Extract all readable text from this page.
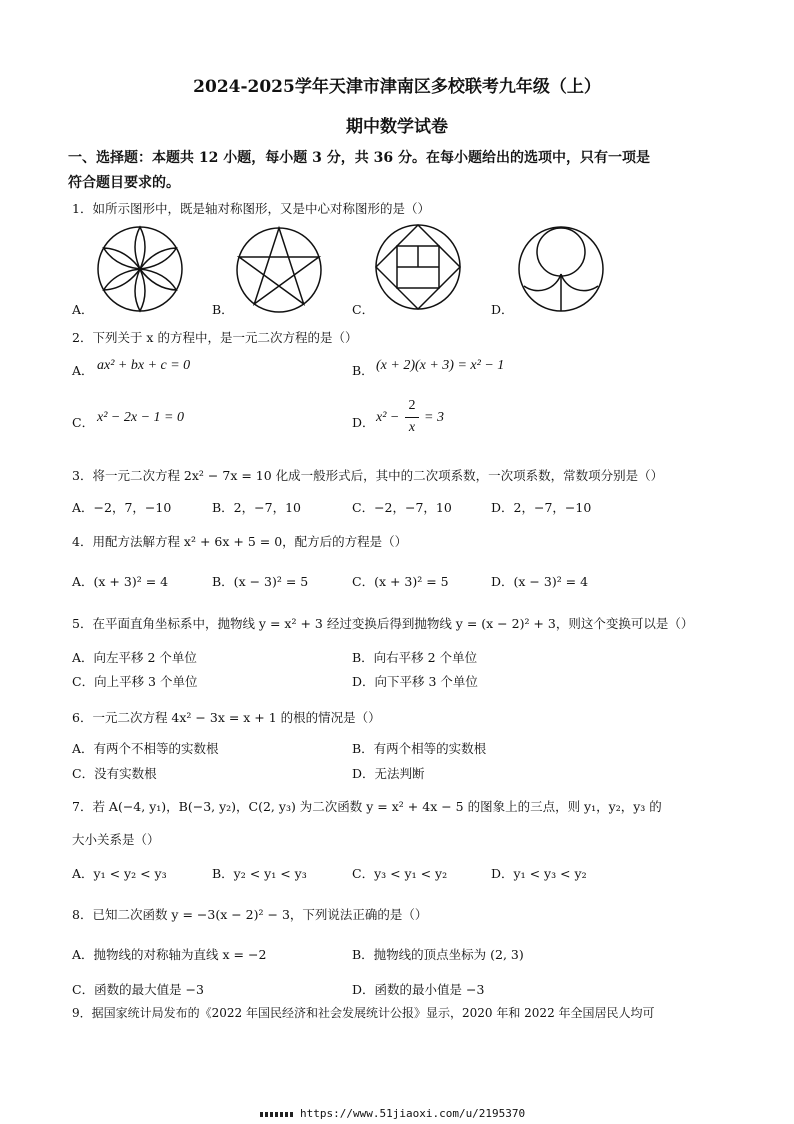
2024-2025学年天津市津南区多校联考九年级（上）
期中数学试卷
一、选择题：本题共 12 小题，每小题 3 分，共 36 分。在每小题给出的选项中，只有一项是
符合题目要求的。
1．如所示图形中，既是轴对称图形，又是中心对称图形的是（）
A．	B．	C．	D．
2．下列关于 x 的方程中，是一元二次方程的是（）
A． ax² + bx + c = 0	B． (x + 2)(x + 3) = x² − 1
C． x² − 2x − 1 = 0	D． x² −
2
x
= 3
3．将一元二次方程 2x² − 7x = 10 化成一般形式后，其中的二次项系数，一次项系数，常数项分别是（）
A．−2，7，−10	B．2，−7，10	C．−2，−7，10	D．2，−7，−10
4．用配方法解方程 x² + 6x + 5 = 0，配方后的方程是（）
A．(x + 3)² = 4	B．(x − 3)² = 5	C．(x + 3)² = 5	D．(x − 3)² = 4
5．在平面直角坐标系中，抛物线 y = x² + 3 经过变换后得到抛物线 y = (x − 2)² + 3，则这个变换可以是（）
A．向左平移 2 个单位	B．向右平移 2 个单位
C．向上平移 3 个单位	D．向下平移 3 个单位
6．一元二次方程 4x² − 3x = x + 1 的根的情况是（）
A．有两个不相等的实数根	B．有两个相等的实数根
C．没有实数根	D．无法判断
7．若 A(−4, y₁)，B(−3, y₂)，C(2, y₃) 为二次函数 y = x² + 4x − 5 的图象上的三点，则 y₁，y₂，y₃ 的
大小关系是（）
A．y₁ < y₂ < y₃	B．y₂ < y₁ < y₃	C．y₃ < y₁ < y₂	D．y₁ < y₃ < y₂
8．已知二次函数 y = −3(x − 2)² − 3，下列说法正确的是（）
A．抛物线的对称轴为直线 x = −2	B．抛物线的顶点坐标为 (2, 3)
C．函数的最大值是 −3	D．函数的最小值是 −3
9．据国家统计局发布的《2022 年国民经济和社会发展统计公报》显示，2020 年和 2022 年全国居民人均可
https://www.51jiaoxi.com/u/2195370
